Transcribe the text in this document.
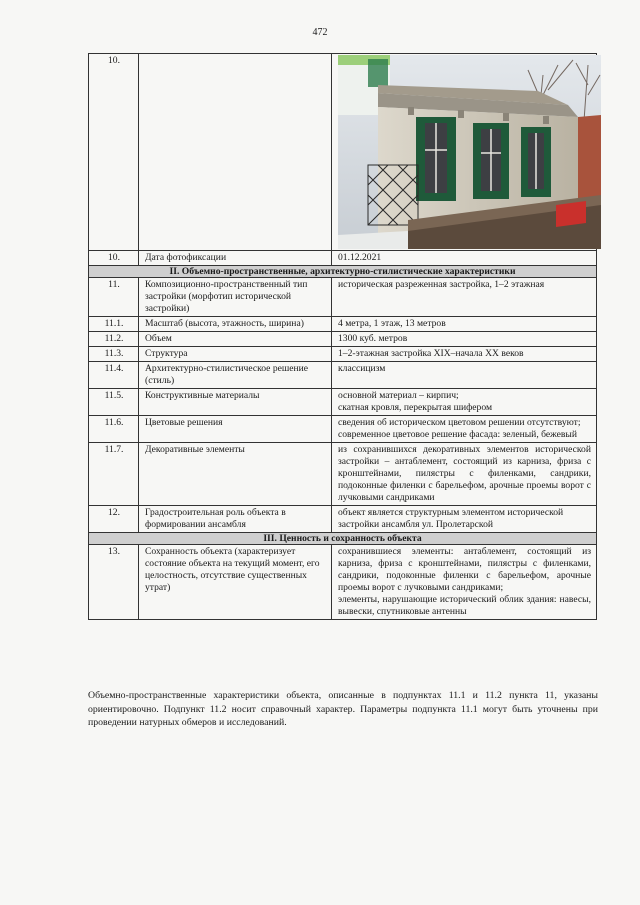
472
10.		

10.	Дата фотофиксации	01.12.2021
II. Объемно-пространственные, архитектурно-стилистические характеристики		
11.	Композиционно-пространственный тип застройки (морфотип исторической застройки)	историческая разреженная застройка, 1–2 этажная
11.1.	Масштаб (высота, этажность, ширина)	4 метра, 1 этаж, 13 метров
11.2.	Объем	1300 куб. метров
11.3.	Структура	1–2-этажная застройка XIX–начала XX веков
11.4.	Архитектурно-стилистическое решение (стиль)	классицизм
11.5.	Конструктивные материалы	основной материал – кирпич;
скатная кровля, перекрытая шифером

11.6.	Цветовые решения	сведения об историческом цветовом решении отсутствуют;
современное цветовое решение фасада: зеленый, бежевый

11.7.	Декоративные элементы	из сохранившихся декоративных элементов исторической застройки – антаблемент, состоящий из карниза, фриза с кронштейнами, пилястры с филенками, сандрики, подоконные филенки с барельефом, арочные проемы ворот с лучковыми сандриками
12.	Градостроительная роль объекта в формировании ансамбля	объект является структурным элементом исторической застройки ансамбля ул. Пролетарской
III. Ценность и сохранность объекта		
13.	Сохранность объекта (характеризует состояние объекта на текущий момент, его целостность, отсутствие существенных утрат)	сохранившиеся элементы: антаблемент, состоящий из карниза, фриза с кронштейнами, пилястры с филенками, сандрики, подоконные филенки с барельефом, арочные проемы ворот с лучковыми сандриками;
элементы, нарушающие исторический облик здания: навесы, вывески, спутниковые антенны
Объемно-пространственные характеристики объекта, описанные в подпунктах 11.1 и 11.2 пункта 11, указаны ориентировочно. Подпункт 11.2 носит справочный характер. Параметры подпункта 11.1 могут быть уточнены при проведении натурных обмеров и исследований.
